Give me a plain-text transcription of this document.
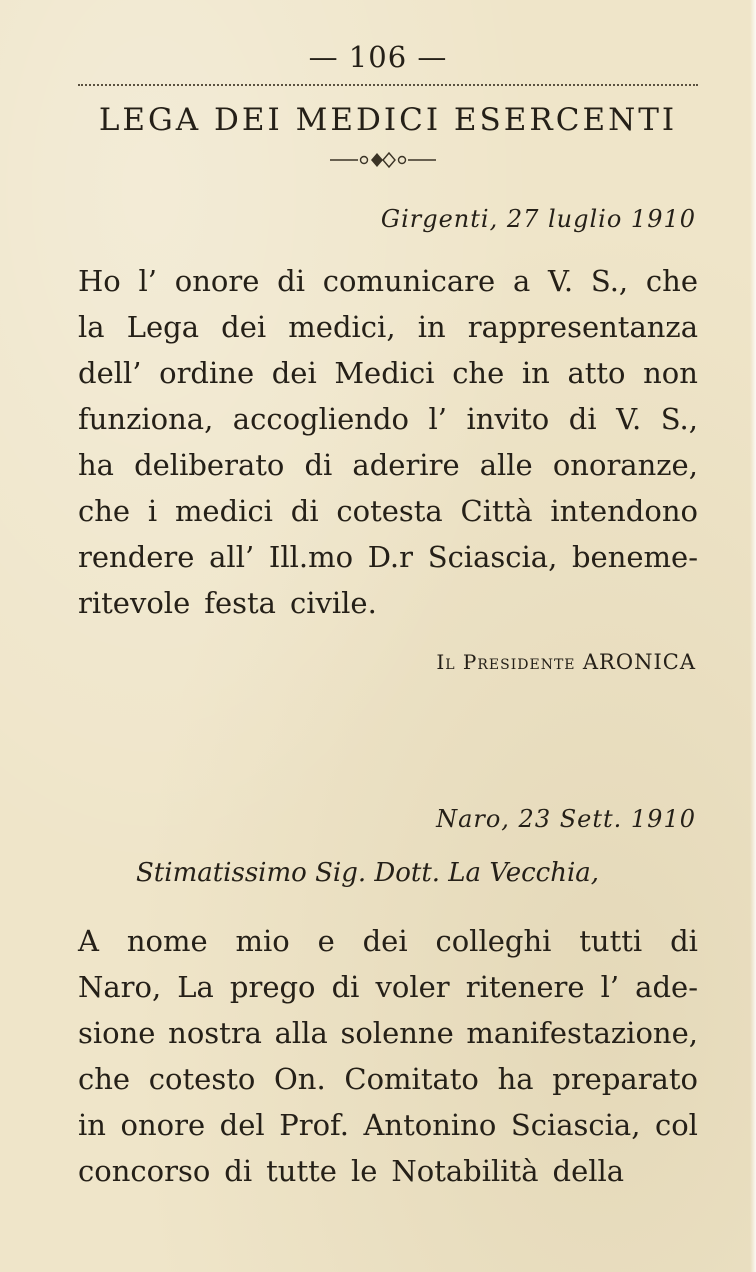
— 106 —
LEGA DEI MEDICI ESERCENTI
Girgenti, 27 luglio 1910
Ho l’ onore di comunicare a V. S., che
la Lega dei medici, in rappresentanza
dell’ ordine dei Medici che in atto non
funziona, accogliendo l’ invito di V. S.,
ha deliberato di aderire alle onoranze,
che i medici di cotesta Città intendono
rendere all’ Ill.mo D.r Sciascia, beneme-
ritevole festa civile.
Il Presidente ARONICA
Naro, 23 Sett. 1910
Stimatissimo Sig. Dott. La Vecchia,
A nome mio e dei colleghi tutti di
Naro, La prego di voler ritenere l’ ade-
sione nostra alla solenne manifestazione,
che cotesto On. Comitato ha preparato
in onore del Prof. Antonino Sciascia, col
concorso di tutte le Notabilità della
